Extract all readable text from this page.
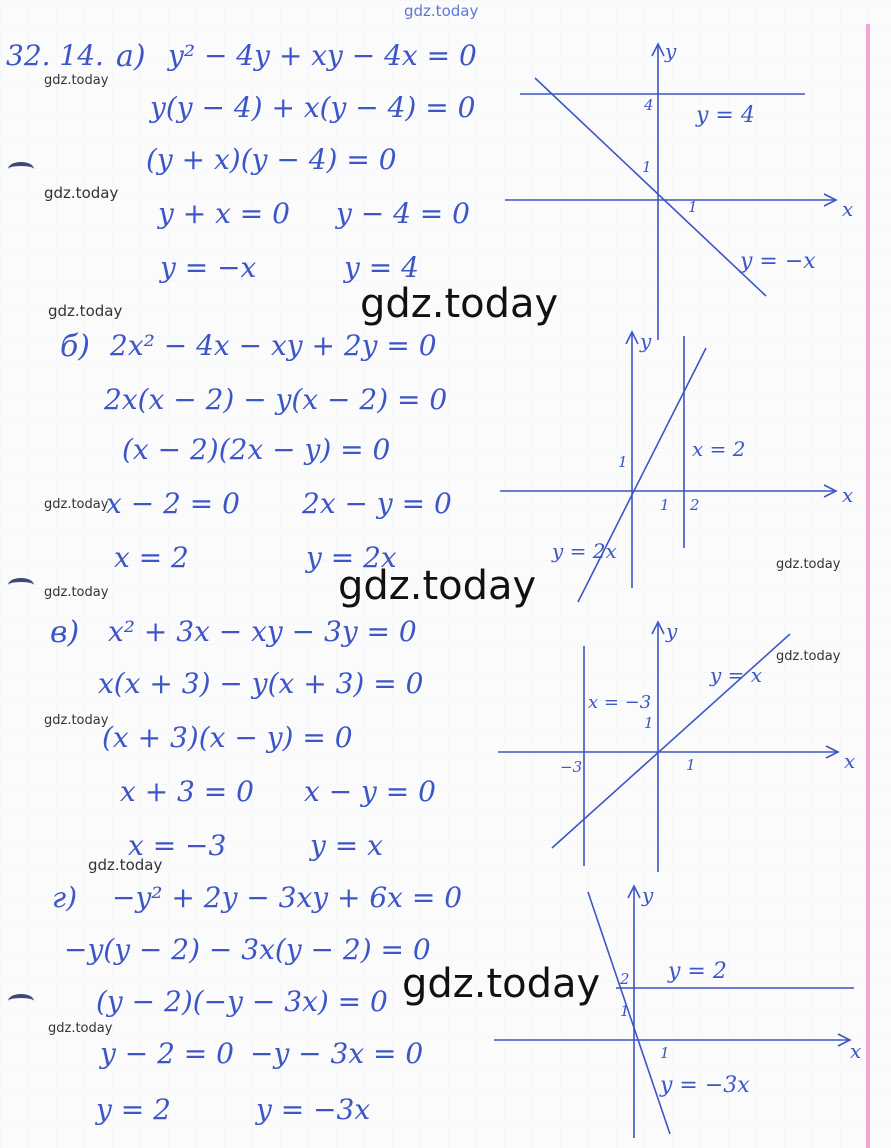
gdz.today
gdz.today
gdz.today
gdz.today
gdz.today
gdz.today
gdz.today
gdz.today
gdz.today
gdz.today
gdz.today
gdz.today
gdz.today
gdz.today
32. 14. а) y² − 4y + xy − 4x = 0
y(y − 4) + x(y − 4) = 0
(y + x)(y − 4) = 0
y + x = 0 y − 4 = 0
y = −x	y = 4
y
x
4
1
1
y = 4
y = −x
б) 2x² − 4x − xy + 2y = 0
2x(x − 2) − y(x − 2) = 0
(x − 2)(2x − y) = 0
x − 2 = 0 2x − y = 0
x = 2	y = 2x
y
x
1
1 2
x = 2
y = 2x
в) x² + 3x − xy − 3y = 0
x(x + 3) − y(x + 3) = 0
(x + 3)(x − y) = 0
x + 3 = 0 x − y = 0
x = −3	y = x
y
x
1
1
−3
x = −3
y = x
г) −y² + 2y − 3xy + 6x = 0
−y(y − 2) − 3x(y − 2) = 0
(y − 2)(−y − 3x) = 0
y − 2 = 0 −y − 3x = 0
y = 2	y = −3x
y
x
2
1
1
y = 2
y = −3x
